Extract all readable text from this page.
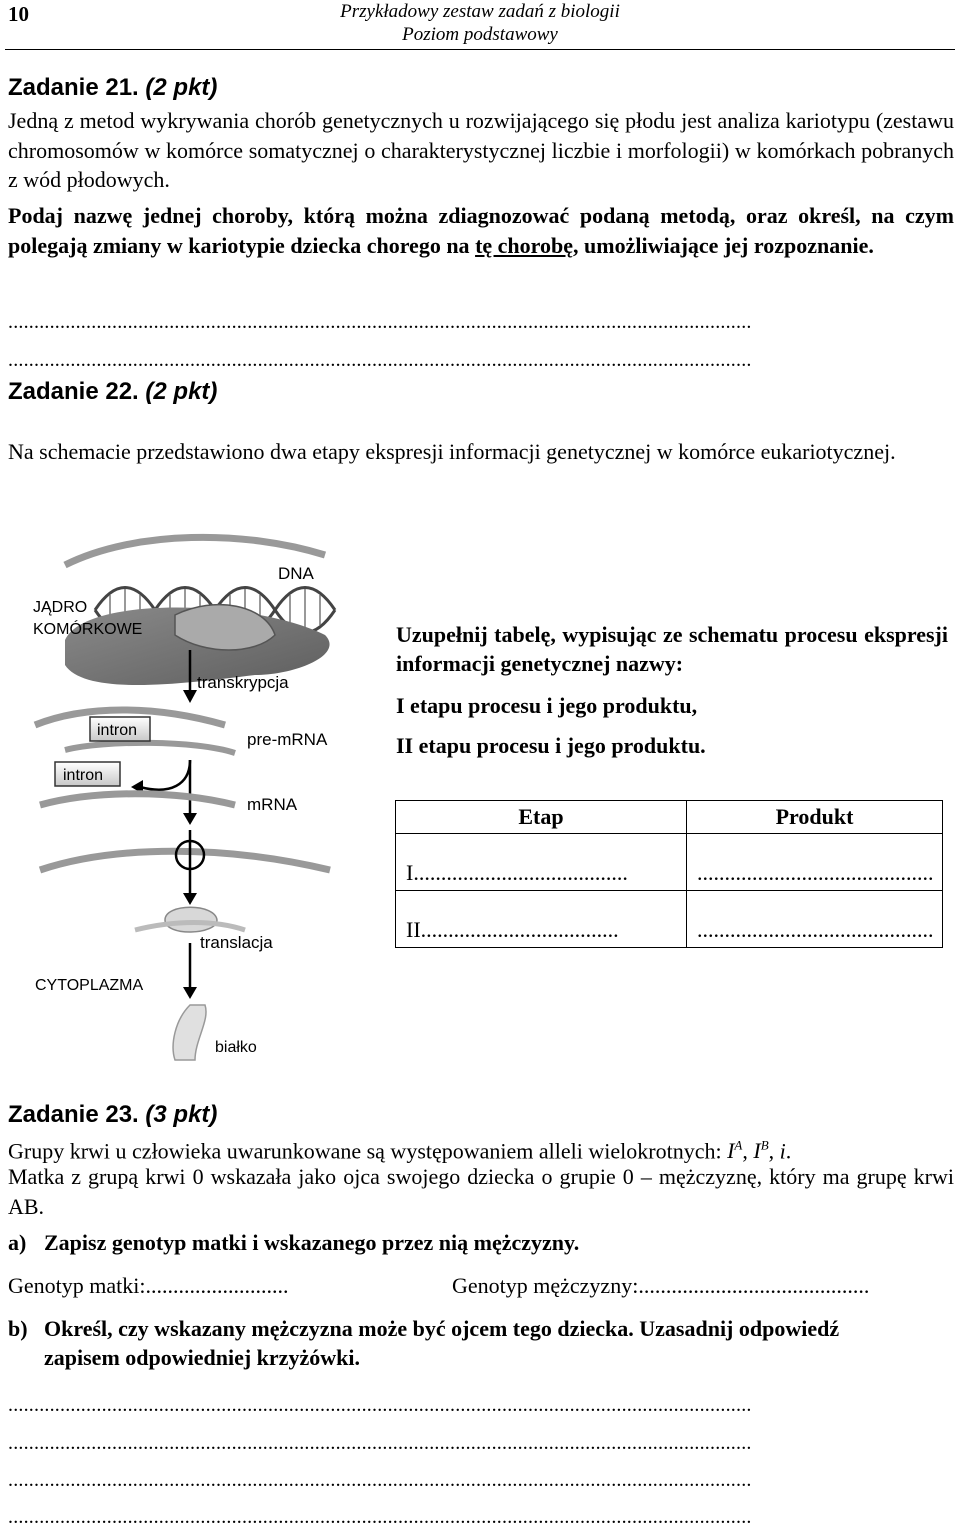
10	Przykładowy zestaw zadań z biologii
Poziom podstawowy
Zadanie 21. (2 pkt)
Jedną z metod wykrywania chorób genetycznych u rozwijającego się płodu jest analiza kariotypu (zestawu chromosomów w komórce somatycznej o charakterystycznej liczbie i morfologii) w komórkach pobranych z wód płodowych.
Podaj nazwę jednej choroby, którą można zdiagnozować podaną metodą, oraz określ, na czym polegają zmiany w kariotypie dziecka chorego na tę chorobę, umożliwiające jej rozpoznanie.
...............................................................................................................................................
...............................................................................................................................................
Zadanie 22. (2 pkt)
Na schemacie przedstawiono dwa etapy ekspresji informacji genetycznej w komórce eukariotycznej.
DNA
JĄDRO
KOMÓRKOWE
transkrypcja
intron	pre-mRNA
intron
mRNA
translacja
CYTOPLAZMA
białko
Uzupełnij tabelę, wypisując ze schematu procesu ekspresji informacji genetycznej nazwy:
I etapu procesu i jego produktu,
II etapu procesu i jego produktu.
Etap	Produkt
I.......................................	...........................................
II....................................	...........................................
Zadanie 23. (3 pkt)
Grupy krwi u człowieka uwarunkowane są występowaniem alleli wielokrotnych: $I^A$, $I^B$, i.
Matka z grupą krwi 0 wskazała jako ojca swojego dziecka o grupie 0 – mężczyznę, który ma grupę krwi AB.
a) Zapisz genotyp matki i wskazanego przez nią mężczyzny.
Genotyp matki:..........................	Genotyp mężczyzny:..........................................
b) Określ, czy wskazany mężczyzna może być ojcem tego dziecka. Uzasadnij odpowiedź
zapisem odpowiedniej krzyżówki.
...............................................................................................................................................
...............................................................................................................................................
...............................................................................................................................................
...............................................................................................................................................
